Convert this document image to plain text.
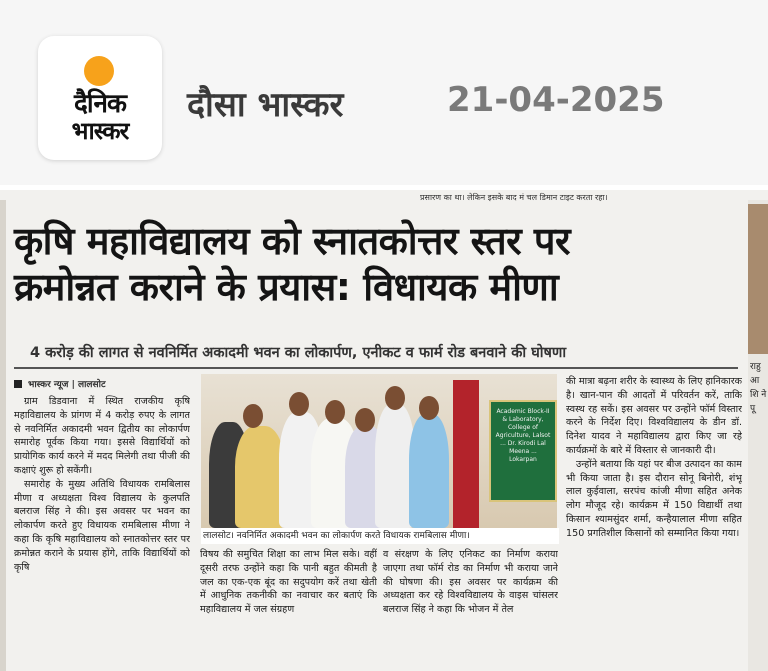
दैनिक
भास्कर
दौसा भास्कर	21-04-2025
प्रसारण का था। लेकिन इसके बाद मं चल डिमान टाइट करता रहा।
कृषि महाविद्यालय को स्नातकोत्तर स्तर पर
क्रमोन्नत कराने के प्रयास: विधायक मीणा
4 करोड़ की लागत से नवनिर्मित अकादमी भवन का लोकार्पण, एनीकट व फार्म रोड बनवाने की घोषणा
भास्कर न्यूज | लालसोट

ग्राम डिडवाना में स्थित राजकीय कृषि महाविद्यालय के प्रांगण में 4 करोड़ रुपए के लागत से नवनिर्मित अकादमी भवन द्वितीय का लोकार्पण समारोह पूर्वक किया गया। इससे विद्यार्थियों को प्रायोगिक कार्य करने में मदद मिलेगी तथा पीजी की कक्षाएं शुरू हो सकेंगी।

समारोह के मुख्य अतिथि विधायक रामबिलास मीणा व अध्यक्षता विश्व विद्यालय के कुलपति बलराज सिंह ने की। इस अवसर पर भवन का लोकार्पण करते हुए विधायक रामबिलास मीणा ने कहा कि कृषि महाविद्यालय को स्नातकोत्तर स्तर पर क्रमोन्नत कराने के प्रयास होंगे, ताकि विद्यार्थियों को कृषि

Academic Block-II & Laboratory, College of Agriculture, Lalsot ... Dr. Kirodi Lal Meena ... Lokarpan
लालसोट। नवनिर्मित अकादमी भवन का लोकार्पण करते विधायक रामबिलास मीणा।

विषय की समुचित शिक्षा का लाभ मिल सके। वहीं दूसरी तरफ उन्होंने कहा कि पानी बहुत कीमती है जल का एक-एक बूंद का सदुपयोग करें तथा खेती में आधुनिक तकनीकी का नवाचार कर बताएं कि महाविद्यालय में जल संग्रहण

व संरक्षण के लिए एनिकट का निर्माण कराया जाएगा तथा फॉर्म रोड का निर्माण भी कराया जाने की घोषणा की। इस अवसर पर कार्यक्रम की अध्यक्षता कर रहे विश्वविद्यालय के वाइस चांसलर बलराज सिंह ने कहा कि भोजन में तेल

की मात्रा बढ़ना शरीर के स्वास्थ्य के लिए हानिकारक है। खान-पान की आदतों में परिवर्तन करें, ताकि स्वस्थ रह सकें। इस अवसर पर उन्होंने फॉर्म विस्तार करने के निर्देश दिए। विश्वविद्यालय के डीन डॉ. दिनेश यादव ने महाविद्यालय द्वारा किए जा रहे कार्यक्रमों के बारे में विस्तार से जानकारी दी।

उन्होंने बताया कि यहां पर बीज उत्पादन का काम भी किया जाता है। इस दौरान सोनू बिनोरी, शंभू लाल कुईवाला, सरपंच कांजी मीणा सहित अनेक लोग मौजूद रहे। कार्यक्रम में 150 विद्यार्थी तथा किसान श्यामसुंदर शर्मा, कन्हैयालाल मीणा सहित 150 प्रगतिशील किसानों को सम्मानित किया गया।

राहु आ शि ने पू
